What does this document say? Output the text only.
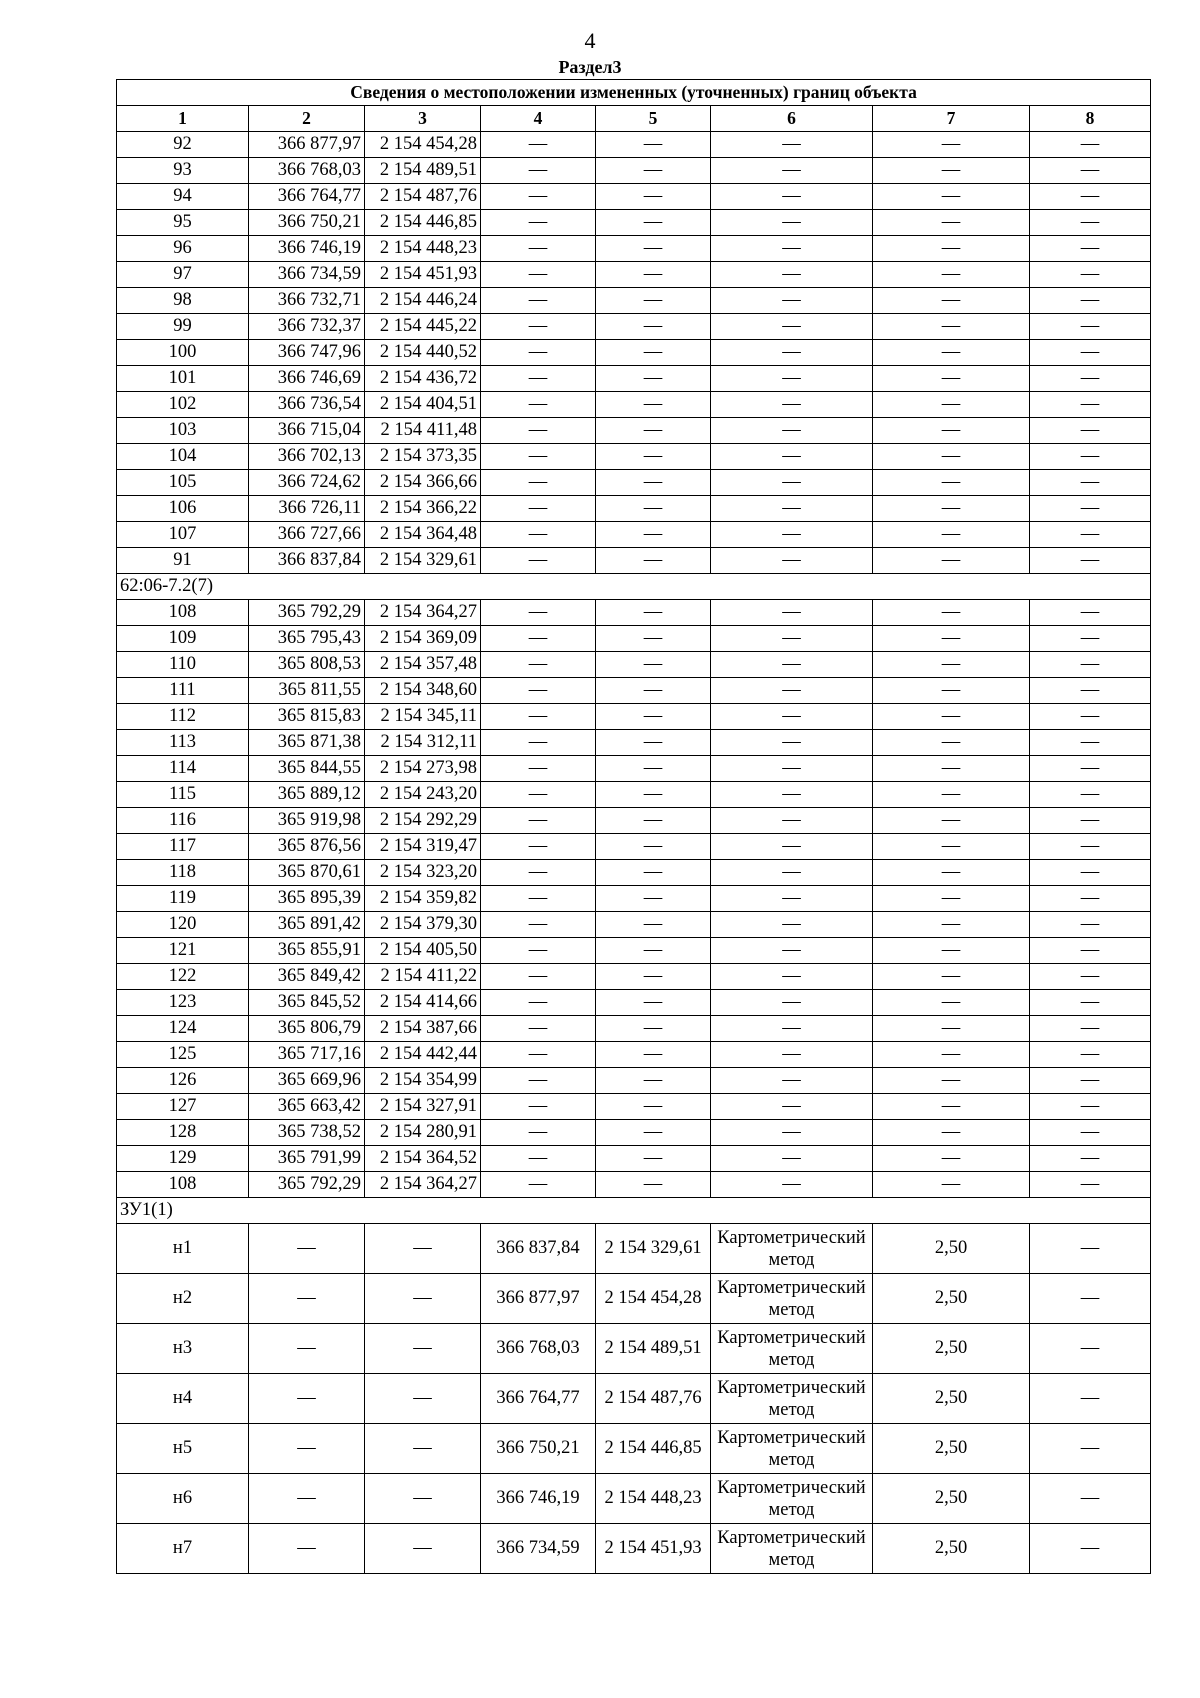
4
Раздел3
Сведения о местоположении измененных (уточненных) границ объекта							
1	2	3	4	5	6	7	8
92	366 877,97	2 154 454,28	—	—	—	—	—
93	366 768,03	2 154 489,51	—	—	—	—	—
94	366 764,77	2 154 487,76	—	—	—	—	—
95	366 750,21	2 154 446,85	—	—	—	—	—
96	366 746,19	2 154 448,23	—	—	—	—	—
97	366 734,59	2 154 451,93	—	—	—	—	—
98	366 732,71	2 154 446,24	—	—	—	—	—
99	366 732,37	2 154 445,22	—	—	—	—	—
100	366 747,96	2 154 440,52	—	—	—	—	—
101	366 746,69	2 154 436,72	—	—	—	—	—
102	366 736,54	2 154 404,51	—	—	—	—	—
103	366 715,04	2 154 411,48	—	—	—	—	—
104	366 702,13	2 154 373,35	—	—	—	—	—
105	366 724,62	2 154 366,66	—	—	—	—	—
106	366 726,11	2 154 366,22	—	—	—	—	—
107	366 727,66	2 154 364,48	—	—	—	—	—
91	366 837,84	2 154 329,61	—	—	—	—	—
62:06-7.2(7)							
108	365 792,29	2 154 364,27	—	—	—	—	—
109	365 795,43	2 154 369,09	—	—	—	—	—
110	365 808,53	2 154 357,48	—	—	—	—	—
111	365 811,55	2 154 348,60	—	—	—	—	—
112	365 815,83	2 154 345,11	—	—	—	—	—
113	365 871,38	2 154 312,11	—	—	—	—	—
114	365 844,55	2 154 273,98	—	—	—	—	—
115	365 889,12	2 154 243,20	—	—	—	—	—
116	365 919,98	2 154 292,29	—	—	—	—	—
117	365 876,56	2 154 319,47	—	—	—	—	—
118	365 870,61	2 154 323,20	—	—	—	—	—
119	365 895,39	2 154 359,82	—	—	—	—	—
120	365 891,42	2 154 379,30	—	—	—	—	—
121	365 855,91	2 154 405,50	—	—	—	—	—
122	365 849,42	2 154 411,22	—	—	—	—	—
123	365 845,52	2 154 414,66	—	—	—	—	—
124	365 806,79	2 154 387,66	—	—	—	—	—
125	365 717,16	2 154 442,44	—	—	—	—	—
126	365 669,96	2 154 354,99	—	—	—	—	—
127	365 663,42	2 154 327,91	—	—	—	—	—
128	365 738,52	2 154 280,91	—	—	—	—	—
129	365 791,99	2 154 364,52	—	—	—	—	—
108	365 792,29	2 154 364,27	—	—	—	—	—
ЗУ1(1)							
н1	—	—	366 837,84	2 154 329,61	Картометрический метод	2,50	—
н2	—	—	366 877,97	2 154 454,28	Картометрический метод	2,50	—
н3	—	—	366 768,03	2 154 489,51	Картометрический метод	2,50	—
н4	—	—	366 764,77	2 154 487,76	Картометрический метод	2,50	—
н5	—	—	366 750,21	2 154 446,85	Картометрический метод	2,50	—
н6	—	—	366 746,19	2 154 448,23	Картометрический метод	2,50	—
н7	—	—	366 734,59	2 154 451,93	Картометрический метод	2,50	—
